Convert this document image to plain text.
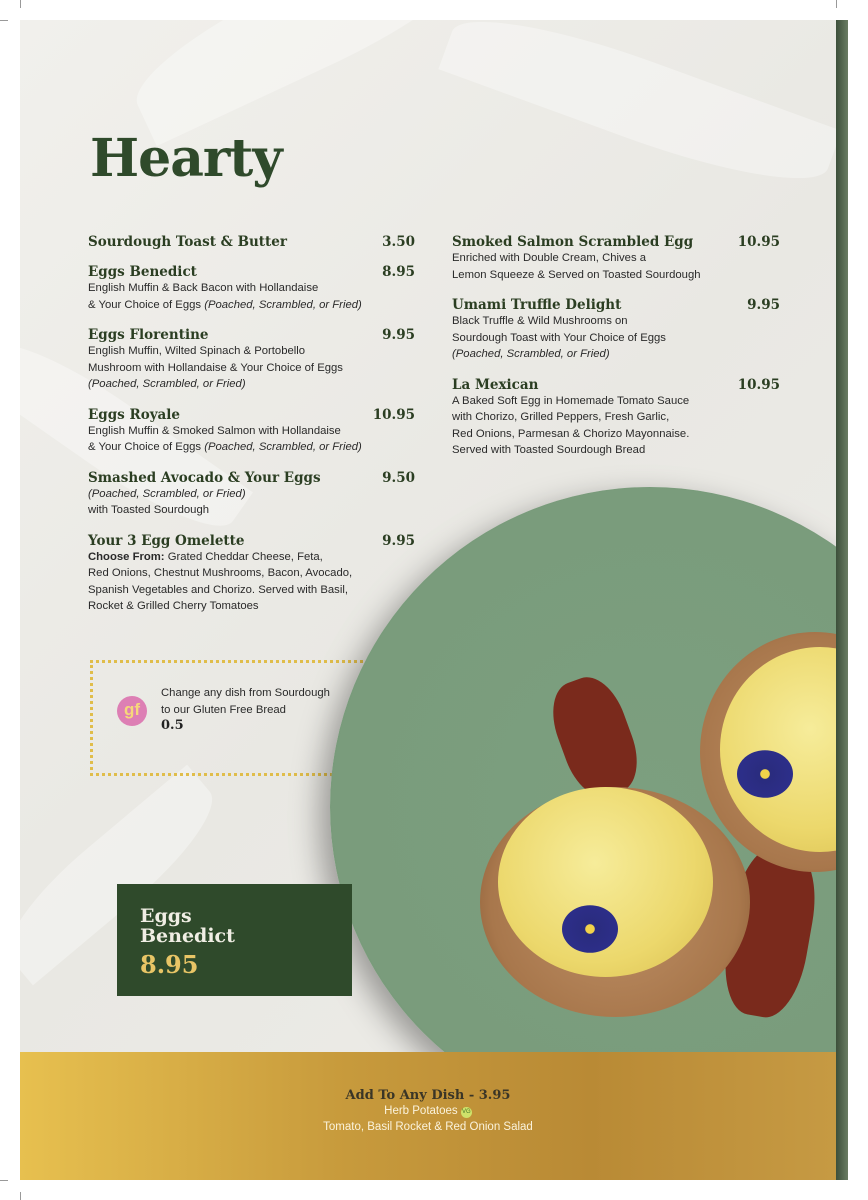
Hearty
Sourdough Toast & Butter	3.50
Eggs Benedict	8.95
English Muffin & Back Bacon with Hollandaise
& Your Choice of Eggs (Poached, Scrambled, or Fried)
Eggs Florentine	9.95
English Muffin, Wilted Spinach & Portobello
Mushroom with Hollandaise & Your Choice of Eggs
(Poached, Scrambled, or Fried)
Eggs Royale	10.95
English Muffin & Smoked Salmon with Hollandaise
& Your Choice of Eggs (Poached, Scrambled, or Fried)
Smashed Avocado & Your Eggs	9.50
(Poached, Scrambled, or Fried)
with Toasted Sourdough
Your 3 Egg Omelette	9.95
Choose From: Grated Cheddar Cheese, Feta,
Red Onions, Chestnut Mushrooms, Bacon, Avocado,
Spanish Vegetables and Chorizo. Served with Basil,
Rocket & Grilled Cherry Tomatoes
Smoked Salmon Scrambled Egg	10.95
Enriched with Double Cream, Chives a
Lemon Squeeze & Served on Toasted Sourdough
Umami Truffle Delight	9.95
Black Truffle & Wild Mushrooms on
Sourdough Toast with Your Choice of Eggs
(Poached, Scrambled, or Fried)
La Mexican	10.95
A Baked Soft Egg in Homemade Tomato Sauce
with Chorizo, Grilled Peppers, Fresh Garlic,
Red Onions, Parmesan & Chorizo Mayonnaise.
Served with Toasted Sourdough Bread
gf
Change any dish from Sourdough
to our Gluten Free Bread
0.5
Eggs
Benedict
8.95
Add To Any Dish - 3.95
Herb Potatoes VG
Tomato, Basil Rocket & Red Onion Salad
